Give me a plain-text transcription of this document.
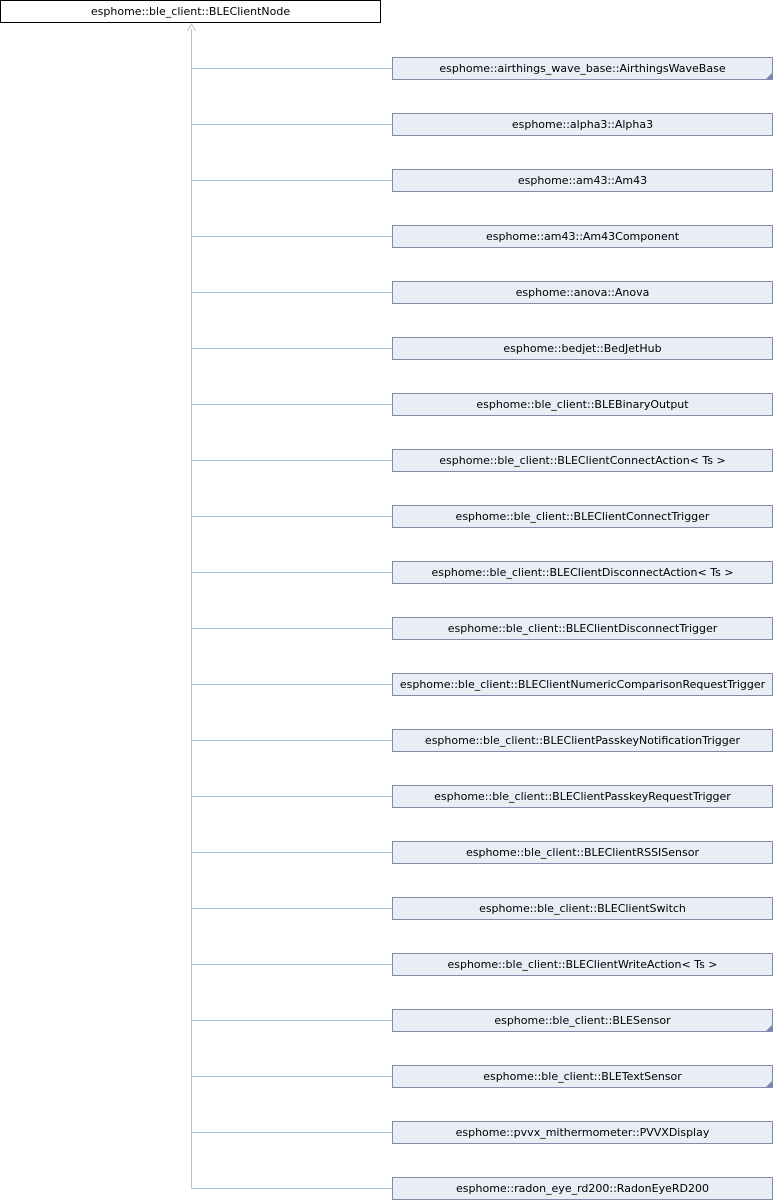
esphome::ble_client::BLEClientNode
esphome::airthings_wave_base::AirthingsWaveBase
esphome::alpha3::Alpha3
esphome::am43::Am43
esphome::am43::Am43Component
esphome::anova::Anova
esphome::bedjet::BedJetHub
esphome::ble_client::BLEBinaryOutput
esphome::ble_client::BLEClientConnectAction< Ts >
esphome::ble_client::BLEClientConnectTrigger
esphome::ble_client::BLEClientDisconnectAction< Ts >
esphome::ble_client::BLEClientDisconnectTrigger
esphome::ble_client::BLEClientNumericComparisonRequestTrigger
esphome::ble_client::BLEClientPasskeyNotificationTrigger
esphome::ble_client::BLEClientPasskeyRequestTrigger
esphome::ble_client::BLEClientRSSISensor
esphome::ble_client::BLEClientSwitch
esphome::ble_client::BLEClientWriteAction< Ts >
esphome::ble_client::BLESensor
esphome::ble_client::BLETextSensor
esphome::pvvx_mithermometer::PVVXDisplay
esphome::radon_eye_rd200::RadonEyeRD200
